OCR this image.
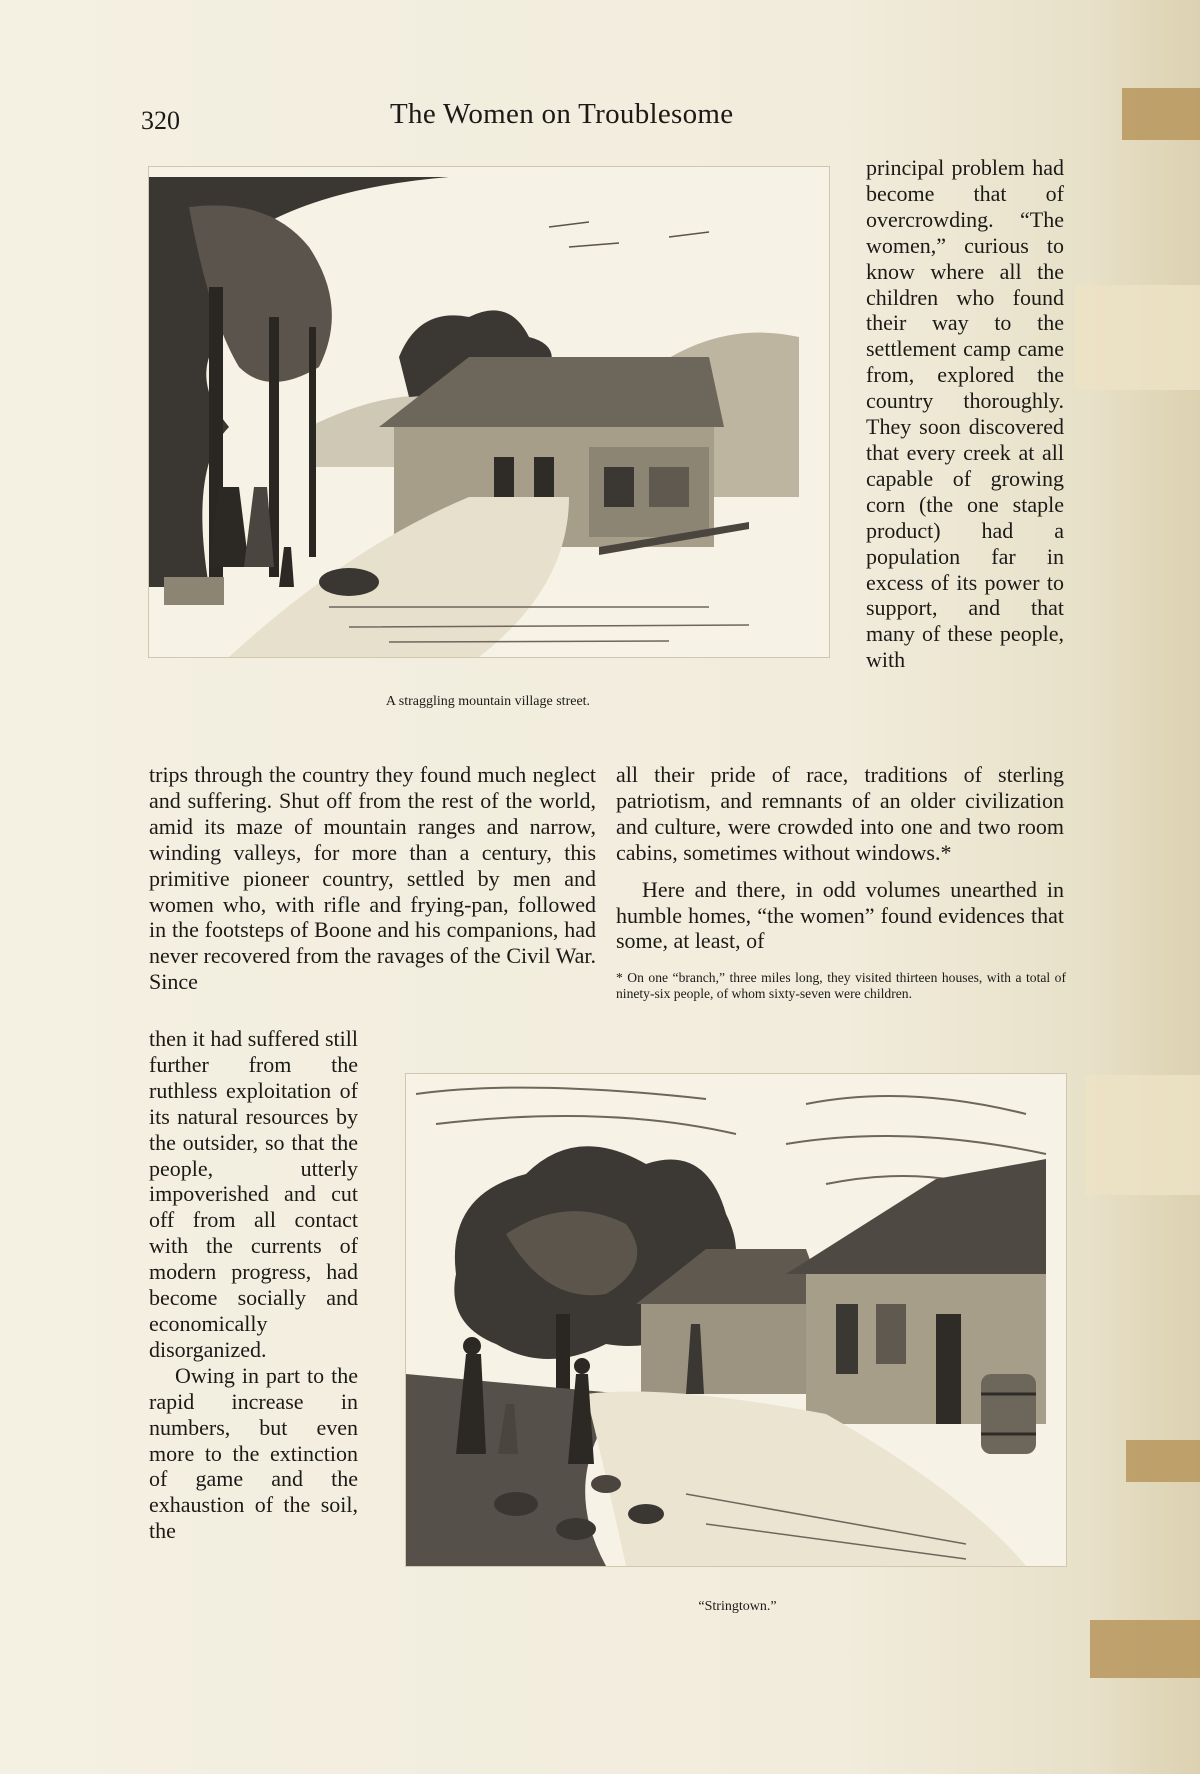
320	The Women on Troublesome
A straggling mountain village street.

principal problem had become that of overcrowding. “The women,” curious to know where all the children who found their way to the settlement camp came from, explored the country thoroughly. They soon discovered that every creek at all capable of growing corn (the one staple product) had a population far in excess of its power to support, and that many of these people, with

trips through the country they found much neglect and suffering. Shut off from the rest of the world, amid its maze of mountain ranges and narrow, winding valleys, for more than a century, this primitive pioneer country, settled by men and women who, with rifle and frying-pan, followed in the footsteps of Boone and his companions, had never recovered from the ravages of the Civil War. Since

then it had suffered still further from the ruthless exploitation of its natural resources by the outsider, so that the people, utterly impoverished and cut off from all contact with the currents of modern progress, had become socially and economically disorganized.

Owing in part to the rapid increase in numbers, but even more to the extinction of game and the exhaustion of the soil, the

all their pride of race, traditions of sterling patriotism, and remnants of an older civilization and culture, were crowded into one and two room cabins, sometimes without windows.*

Here and there, in odd volumes unearthed in humble homes, “the women” found evidences that some, at least, of

* On one “branch,” three miles long, they visited thirteen houses, with a total of ninety-six people, of whom sixty-seven were children.
“Stringtown.”
